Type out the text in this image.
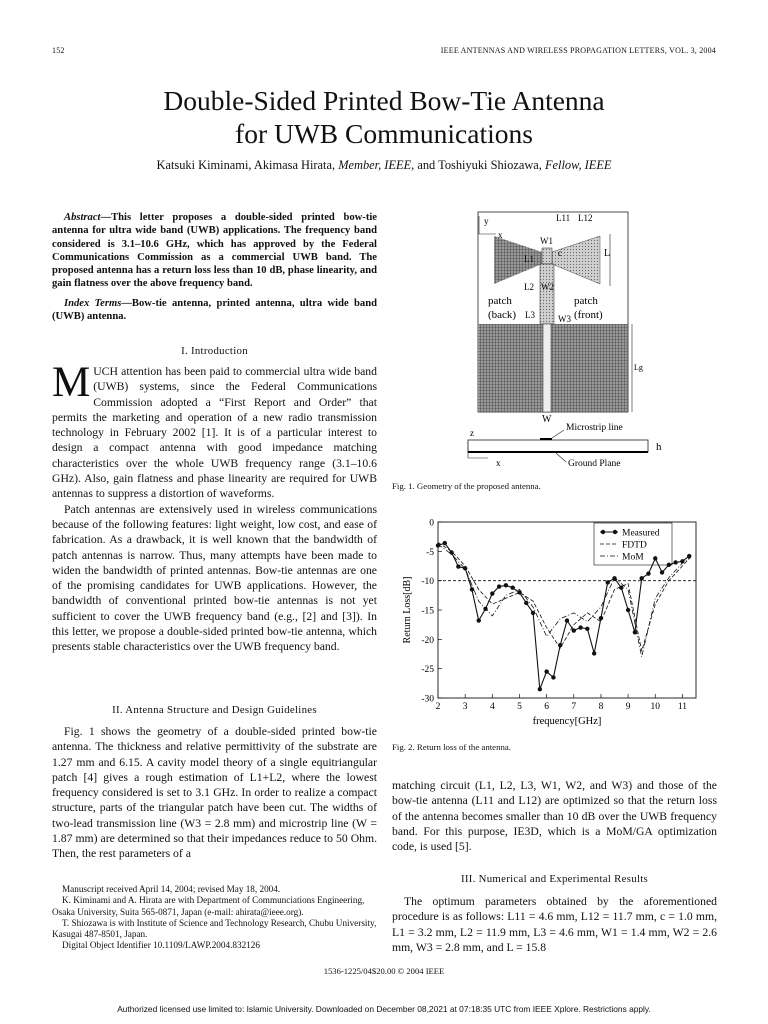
152	IEEE ANTENNAS AND WIRELESS PROPAGATION LETTERS, VOL. 3, 2004
Double-Sided Printed Bow-Tie Antenna
for UWB Communications
Katsuki Kiminami, Akimasa Hirata, Member, IEEE, and Toshiyuki Shiozawa, Fellow, IEEE
Abstract—This letter proposes a double-sided printed bow-tie antenna for ultra wide band (UWB) applications. The frequency band considered is 3.1–10.6 GHz, which has approved by the Federal Communications Commission as a commercial UWB band. The proposed antenna has a return loss less than 10 dB, phase linearity, and gain flatness over the above frequency band.
Index Terms—Bow-tie antenna, printed antenna, ultra wide band (UWB) antenna.
I. Introduction

MUCH attention has been paid to commercial ultra wide band (UWB) systems, since the Federal Communications Commission adopted a “First Report and Order” that permits the marketing and operation of a new radio transmission technology in February 2002 [1]. It is of a particular interest to design a compact antenna with good impedance matching characteristics over the whole UWB frequency range (3.1–10.6 GHz). Also, gain flatness and phase linearity are required for UWB antennas to suppress a distortion of waveforms.

Patch antennas are extensively used in wireless communications because of the following features: light weight, low cost, and ease of fabrication. As a drawback, it is well known that the bandwidth of patch antennas is narrow. Thus, many attempts have been made to widen the bandwidth of printed antennas. Bow-tie antennas are one of the promising candidates for UWB applications. However, the bandwidth of conventional printed bow-tie antennas is not yet sufficient to cover the UWB frequency band (e.g., [2] and [3]). In this letter, we propose a double-sided printed bow-tie antenna, which presents stable characteristics over the UWB frequency band.

II. Antenna Structure and Design Guidelines

Fig. 1 shows the geometry of a double-sided printed bow-tie antenna. The thickness and relative permittivity of the substrate are 1.27 mm and 6.15. A cavity model theory of a single equitriangular patch [4] gives a rough estimation of L1+L2, where the lowest frequency considered is set to 3.1 GHz. In order to realize a compact structure, parts of the triangular patch have been cut. The widths of two-lead transmission line (W3 = 2.8 mm) and microstrip line (W = 1.87 mm) are determined so that their impedances reduce to 50 Ohm. Then, the rest parameters of a

Manuscript received April 14, 2004; revised May 18, 2004.

K. Kiminami and A. Hirata are with Department of Communciations Engineering, Osaka University, Suita 565-0871, Japan (e-mail: ahirata@ieee.org).

T. Shiozawa is with Institute of Science and Technology Research, Chubu University, Kasugai 487-8501, Japan.

Digital Object Identifier 10.1109/LAWP.2004.832126

y
x
L11 L12
W1
c	L
L1
L2 W2
patch
(back) L3	W3
patch
(front)
Lg
W
z	Microstrip line
h
x	Ground Plane
Fig. 1. Geometry of the proposed antenna.
2 3 4 5 6 7 8 9 10 11
0
-5
-10
-15
-20
-25
-30
frequency[GHz]
Return Loss[dB]
Measured
FDTD
MoM
Fig. 2. Return loss of the antenna.

matching circuit (L1, L2, L3, W1, W2, and W3) and those of the bow-tie antenna (L11 and L12) are optimized so that the return loss of the antenna becomes smaller than 10 dB over the UWB frequency band. For this purpose, IE3D, which is a MoM/GA optimization code, is used [5].

III. Numerical and Experimental Results

The optimum parameters obtained by the aforementioned procedure is as follows: L11 = 4.6 mm, L12 = 11.7 mm, c = 1.0 mm, L1 = 3.2 mm, L2 = 11.9 mm, L3 = 4.6 mm, W1 = 1.4 mm, W2 = 2.6 mm, W3 = 2.8 mm, and L = 15.8

1536-1225/04$20.00 © 2004 IEEE
Authorized licensed use limited to: Islamic University. Downloaded on December 08,2021 at 07:18:35 UTC from IEEE Xplore. Restrictions apply.
